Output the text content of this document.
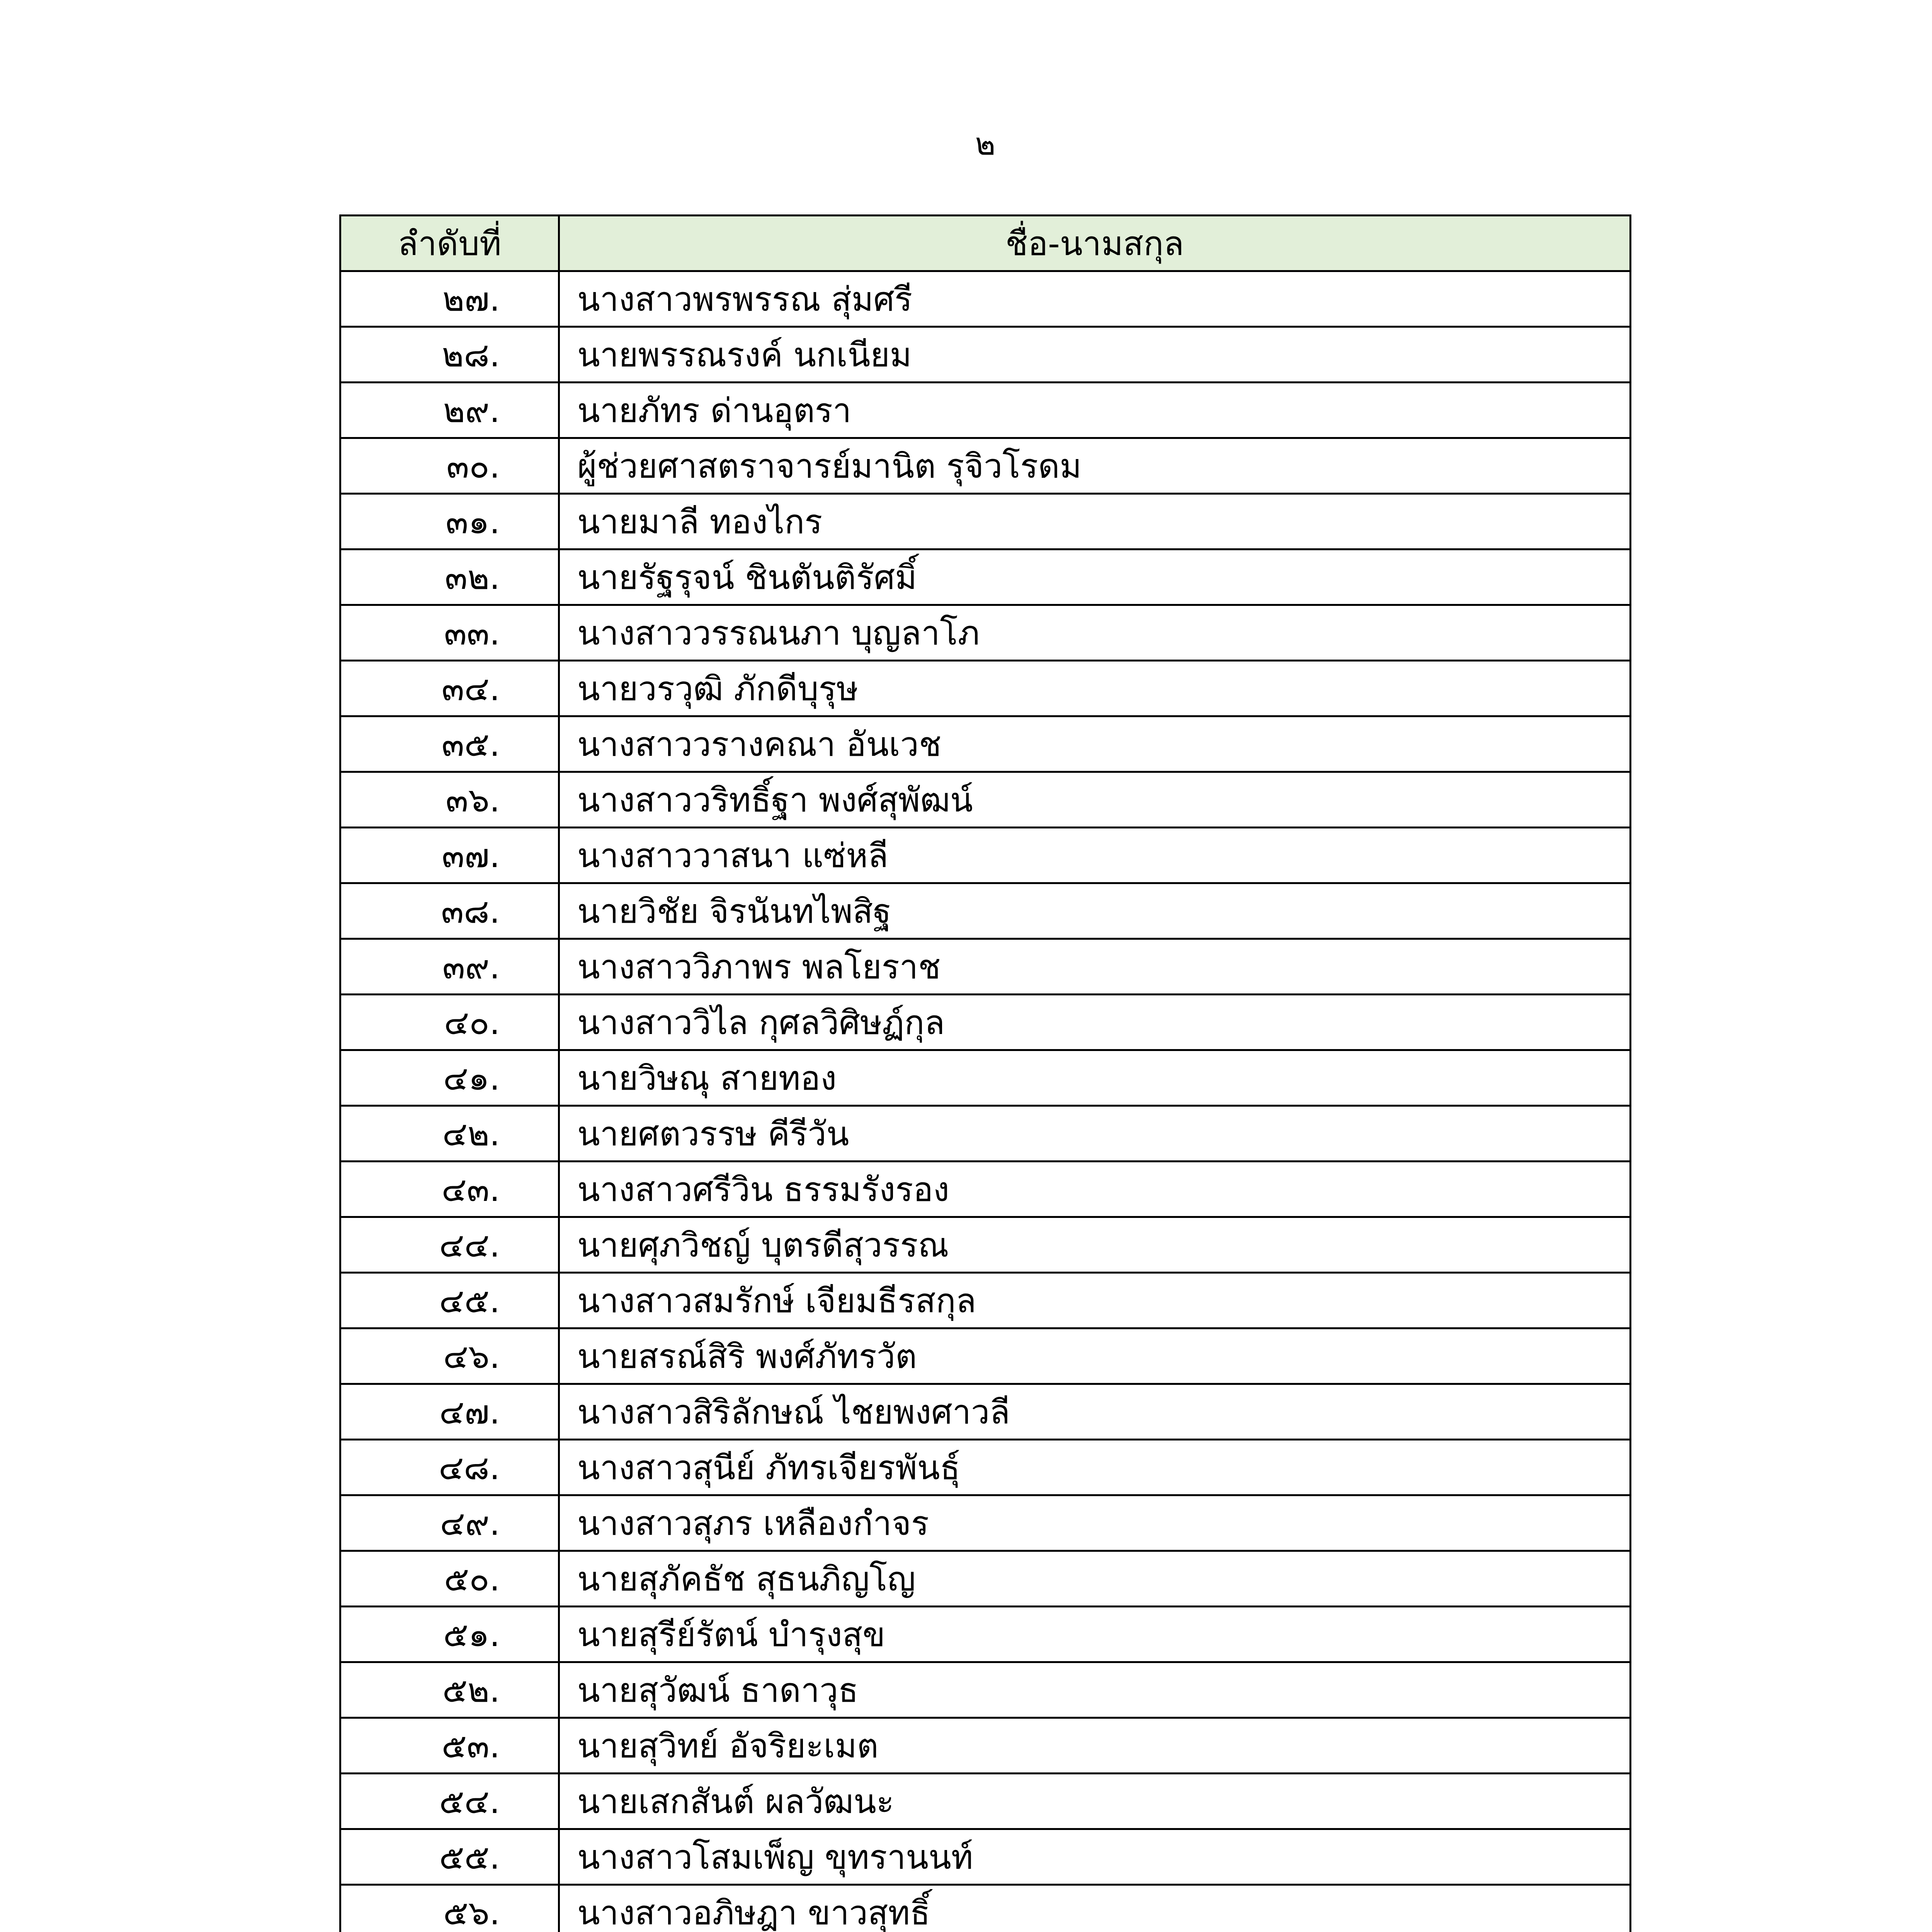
๒
ลำดับที่	ชื่อ-นามสกุล
๒๗.	นางสาวพรพรรณ สุ่มศรี
๒๘.	นายพรรณรงค์ นกเนียม
๒๙.	นายภัทร ด่านอุตรา
๓๐.	ผู้ช่วยศาสตราจารย์มานิต รุจิวโรดม
๓๑.	นายมาลี ทองไกร
๓๒.	นายรัฐรุจน์ ชินตันติรัศมิ์
๓๓.	นางสาววรรณนภา บุญลาโภ
๓๔.	นายวรวุฒิ ภักดีบุรุษ
๓๕.	นางสาววรางคณา อันเวช
๓๖.	นางสาววริทธิ์ฐา พงศ์สุพัฒน์
๓๗.	นางสาววาสนา แซ่หลี
๓๘.	นายวิชัย จิรนันทไพสิฐ
๓๙.	นางสาววิภาพร พลโยราช
๔๐.	นางสาววิไล กุศลวิศิษฏ์กุล
๔๑.	นายวิษณุ สายทอง
๔๒.	นายศตวรรษ คีรีวัน
๔๓.	นางสาวศรีวิน ธรรมรังรอง
๔๔.	นายศุภวิชญ์ บุตรดีสุวรรณ
๔๕.	นางสาวสมรักษ์ เจียมธีรสกุล
๔๖.	นายสรณ์สิริ พงศ์ภัทรวัต
๔๗.	นางสาวสิริลักษณ์ ไชยพงศาวลี
๔๘.	นางสาวสุนีย์ ภัทรเจียรพันธุ์
๔๙.	นางสาวสุภร เหลืองกำจร
๕๐.	นายสุภัคธัช สุธนภิญโญ
๕๑.	นายสุรีย์รัตน์ บำรุงสุข
๕๒.	นายสุวัฒน์ ธาดาวุธ
๕๓.	นายสุวิทย์ อัจริยะเมต
๕๔.	นายเสกสันต์ ผลวัฒนะ
๕๕.	นางสาวโสมเพ็ญ ขุทรานนท์
๕๖.	นางสาวอภิษฎา ขาวสุทธิ์
